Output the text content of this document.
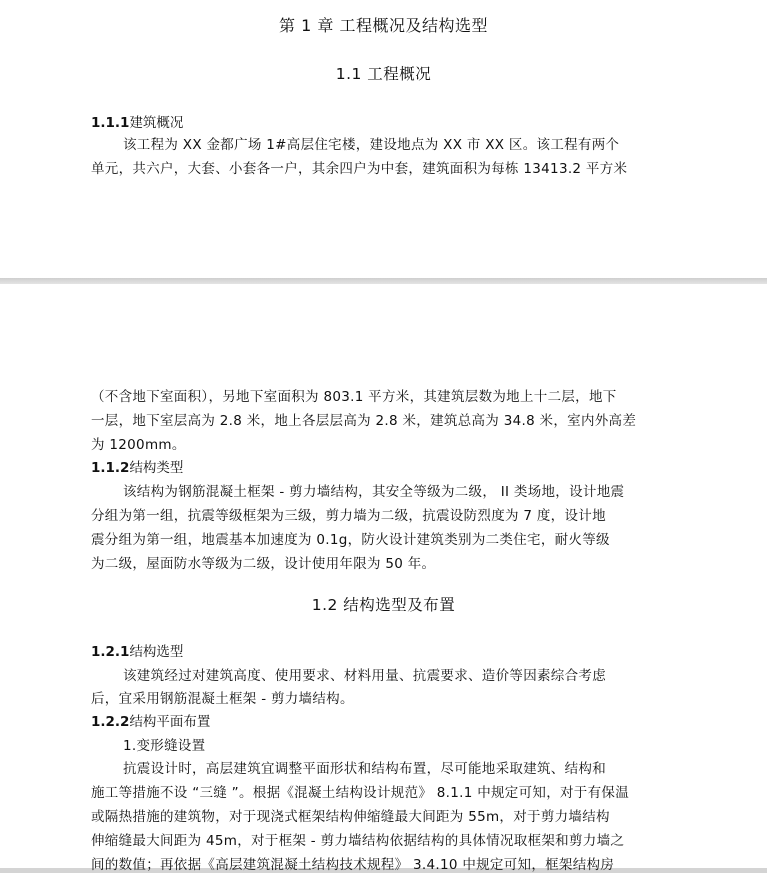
第 1 章 工程概况及结构选型
1.1 工程概况
1.1.1建筑概况
该工程为 XX 金都广场 1#高层住宅楼，建设地点为 XX 市 XX 区。该工程有两个
单元，共六户，大套、小套各一户，其余四户为中套，建筑面积为每栋 13413.2 平方米
（不含地下室面积），另地下室面积为 803.1 平方米，其建筑层数为地上十二层，地下
一层，地下室层高为 2.8 米，地上各层层高为 2.8 米，建筑总高为 34.8 米，室内外高差
为 1200mm。
1.1.2结构类型
该结构为钢筋混凝土框架 - 剪力墙结构，其安全等级为二级， II 类场地，设计地震
分组为第一组，抗震等级框架为三级，剪力墙为二级，抗震设防烈度为 7 度，设计地
震分组为第一组，地震基本加速度为 0.1g，防火设计建筑类别为二类住宅，耐火等级
为二级，屋面防水等级为二级，设计使用年限为 50 年。
1.2 结构选型及布置
1.2.1结构选型
该建筑经过对建筑高度、使用要求、材料用量、抗震要求、造价等因素综合考虑
后，宜采用钢筋混凝土框架 - 剪力墙结构。
1.2.2结构平面布置
1.变形缝设置
抗震设计时，高层建筑宜调整平面形状和结构布置，尽可能地采取建筑、结构和
施工等措施不设 “三缝 ”。根据《混凝土结构设计规范》 8.1.1 中规定可知，对于有保温
或隔热措施的建筑物，对于现浇式框架结构伸缩缝最大间距为 55m，对于剪力墙结构
伸缩缝最大间距为 45m，对于框架 - 剪力墙结构依据结构的具体情况取框架和剪力墙之
间的数值；再依据《高层建筑混凝土结构技术规程》 3.4.10 中规定可知，框架结构房
